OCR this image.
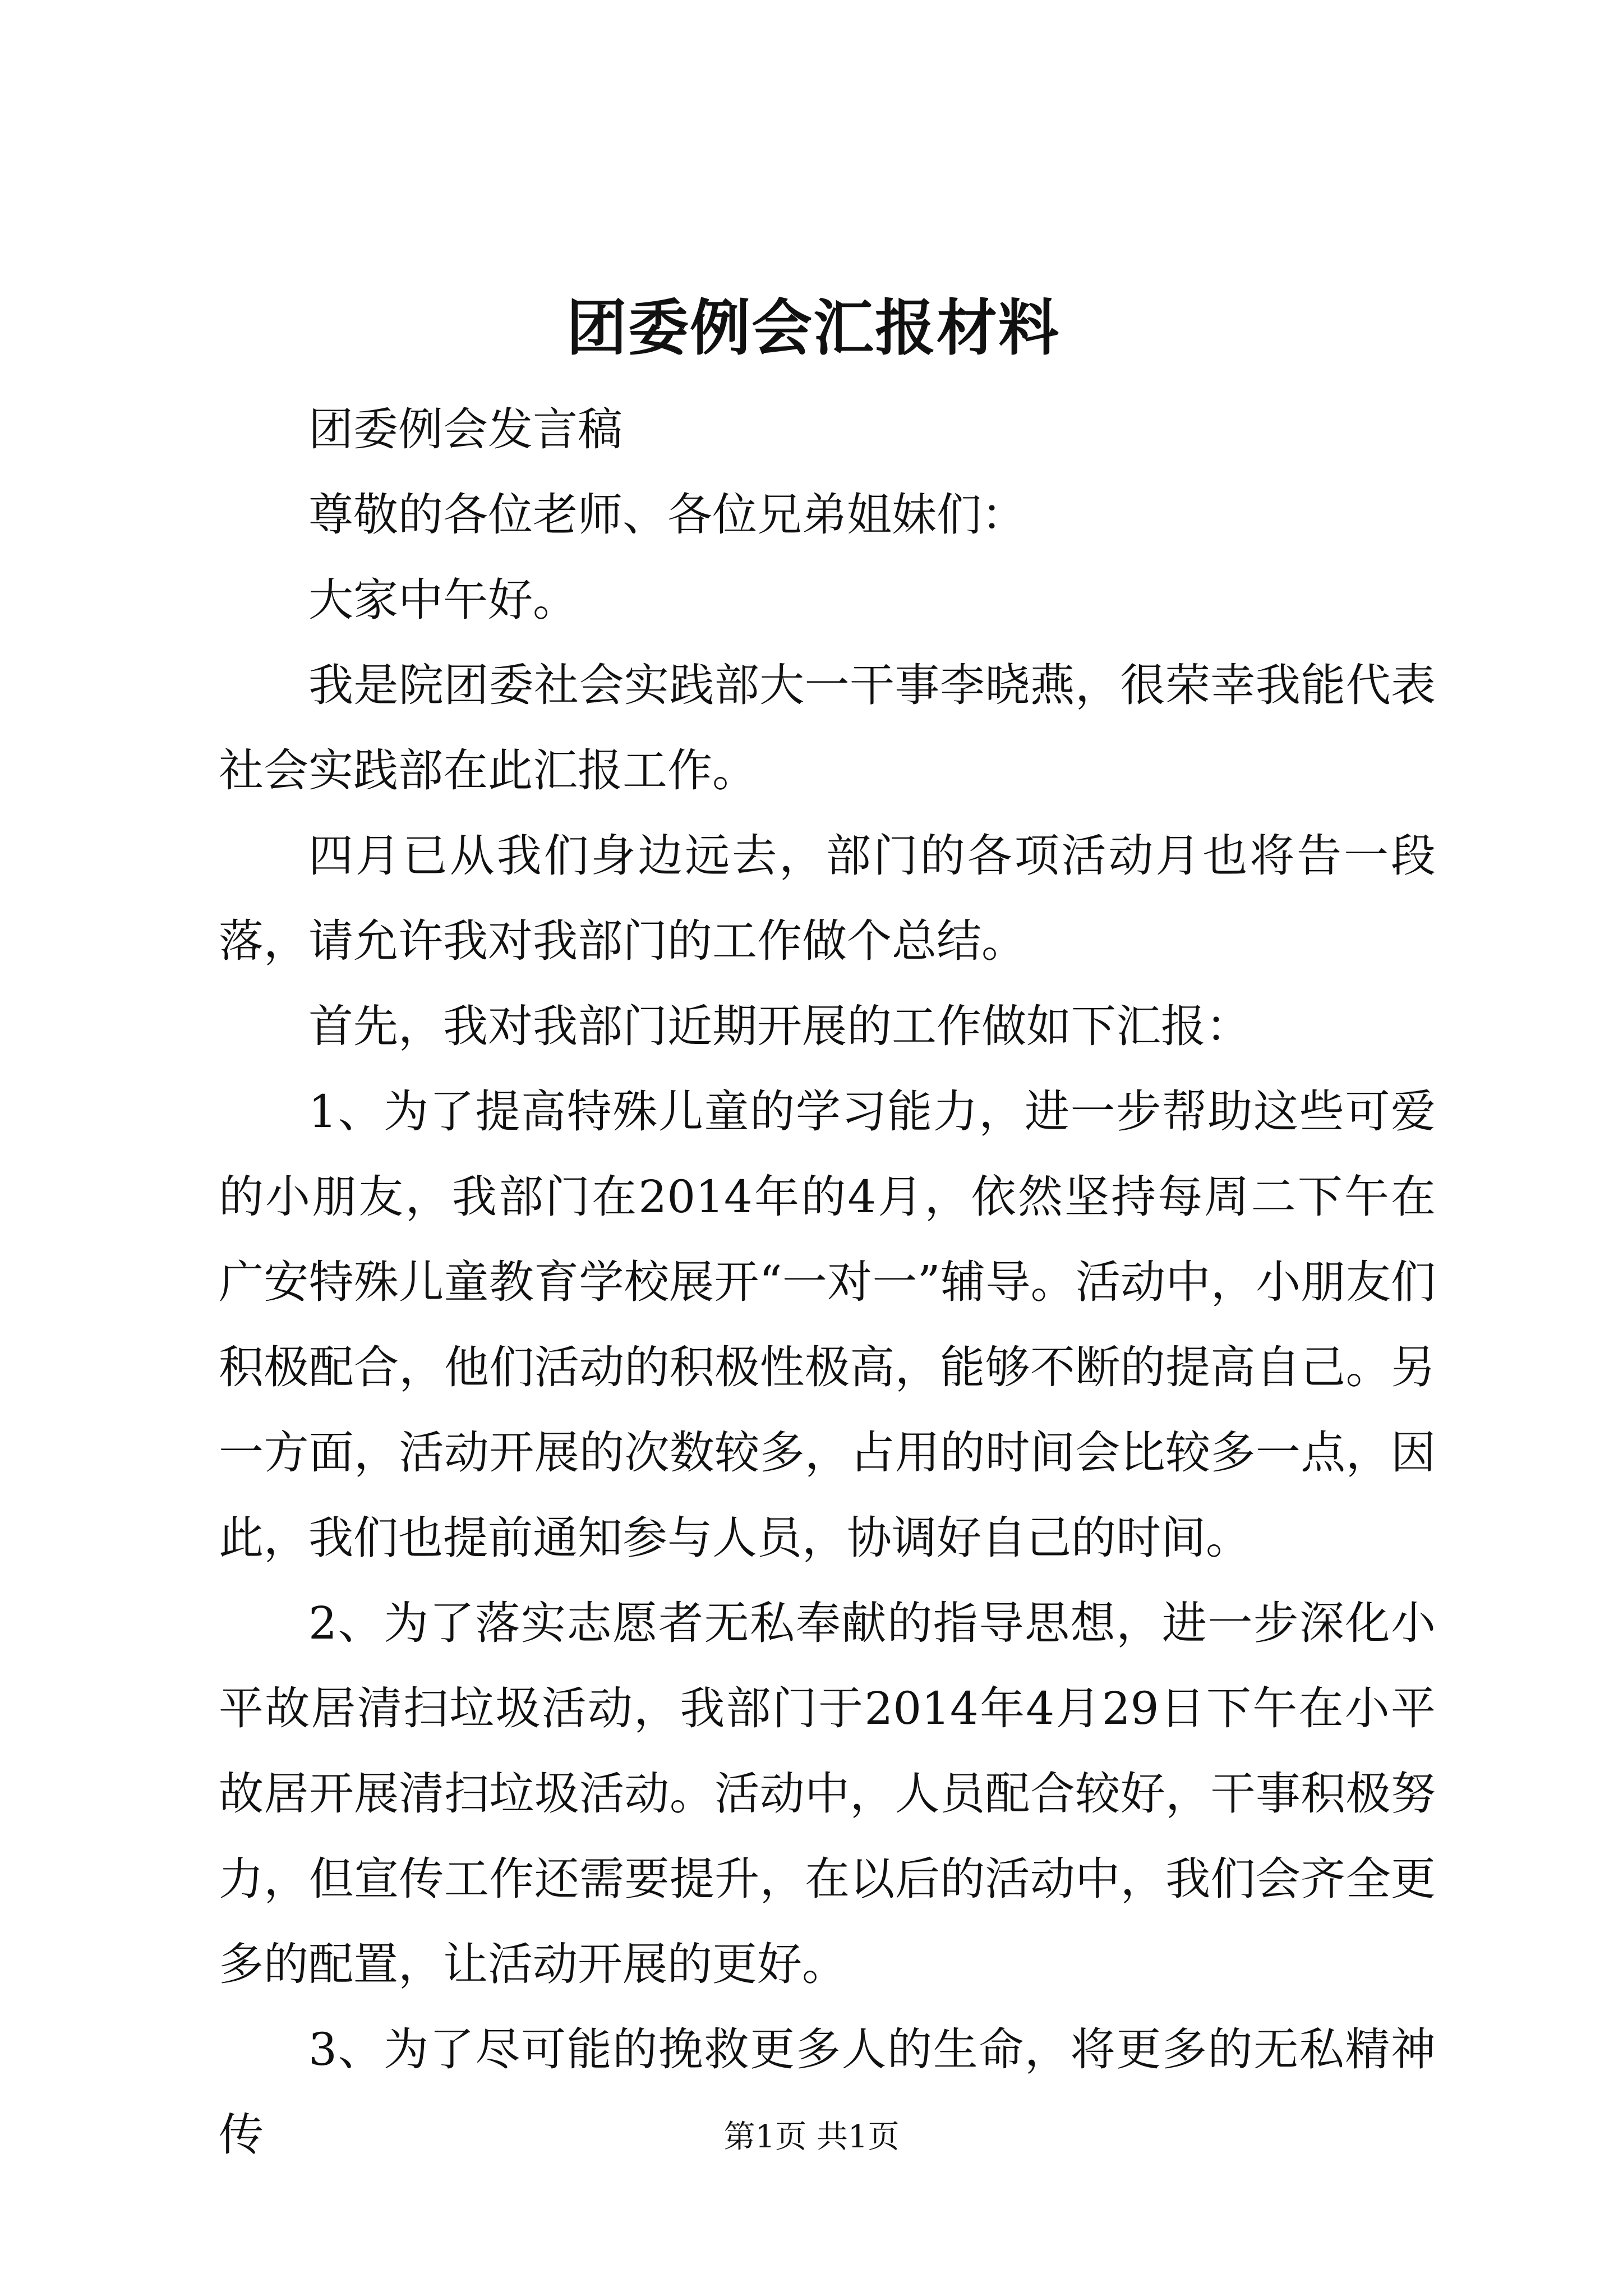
团委例会汇报材料

团委例会发言稿

尊敬的各位老师、各位兄弟姐妹们：

大家中午好。

我是院团委社会实践部大一干事李晓燕，很荣幸我能代表社会实践部在此汇报工作。

四月已从我们身边远去，部门的各项活动月也将告一段落，请允许我对我部门的工作做个总结。

首先，我对我部门近期开展的工作做如下汇报：

1、为了提高特殊儿童的学习能力，进一步帮助这些可爱的小朋友，我部门在2014年的4月，依然坚持每周二下午在广安特殊儿童教育学校展开“一对一”辅导。活动中，小朋友们积极配合，他们活动的积极性极高，能够不断的提高自己。另一方面，活动开展的次数较多，占用的时间会比较多一点，因此，我们也提前通知参与人员，协调好自己的时间。

2、为了落实志愿者无私奉献的指导思想，进一步深化小平故居清扫垃圾活动，我部门于2014年4月29日下午在小平故居开展清扫垃圾活动。活动中，人员配合较好，干事积极努力，但宣传工作还需要提升，在以后的活动中，我们会齐全更多的配置，让活动开展的更好。

3、为了尽可能的挽救更多人的生命，将更多的无私精神传	第1页 共1页
